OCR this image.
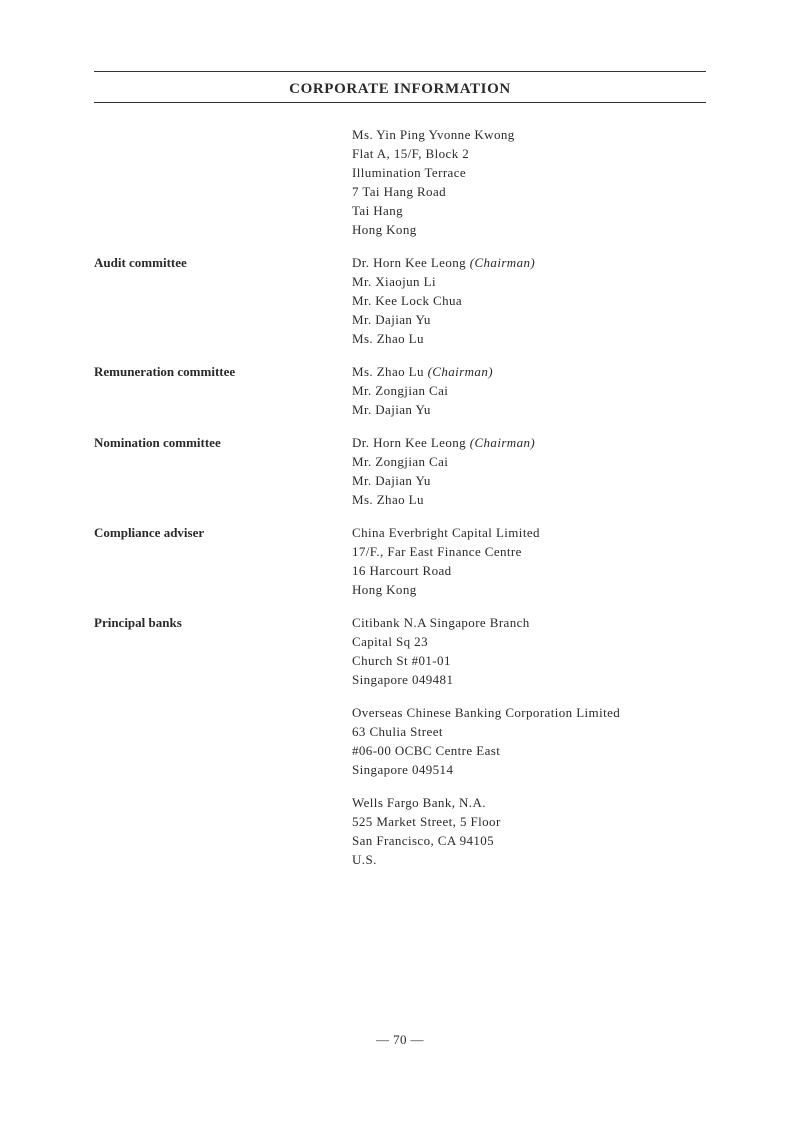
CORPORATE INFORMATION
Ms. Yin Ping Yvonne Kwong
Flat A, 15/F, Block 2
Illumination Terrace
7 Tai Hang Road
Tai Hang
Hong Kong
Audit committee	Dr. Horn Kee Leong (Chairman)
Mr. Xiaojun Li
Mr. Kee Lock Chua
Mr. Dajian Yu
Ms. Zhao Lu
Remuneration committee	Ms. Zhao Lu (Chairman)
Mr. Zongjian Cai
Mr. Dajian Yu
Nomination committee	Dr. Horn Kee Leong (Chairman)
Mr. Zongjian Cai
Mr. Dajian Yu
Ms. Zhao Lu
Compliance adviser	China Everbright Capital Limited
17/F., Far East Finance Centre
16 Harcourt Road
Hong Kong
Principal banks	Citibank N.A Singapore Branch
Capital Sq 23
Church St #01-01
Singapore 049481
Overseas Chinese Banking Corporation Limited
63 Chulia Street
#06-00 OCBC Centre East
Singapore 049514
Wells Fargo Bank, N.A.
525 Market Street, 5 Floor
San Francisco, CA 94105
U.S.
— 70 —
